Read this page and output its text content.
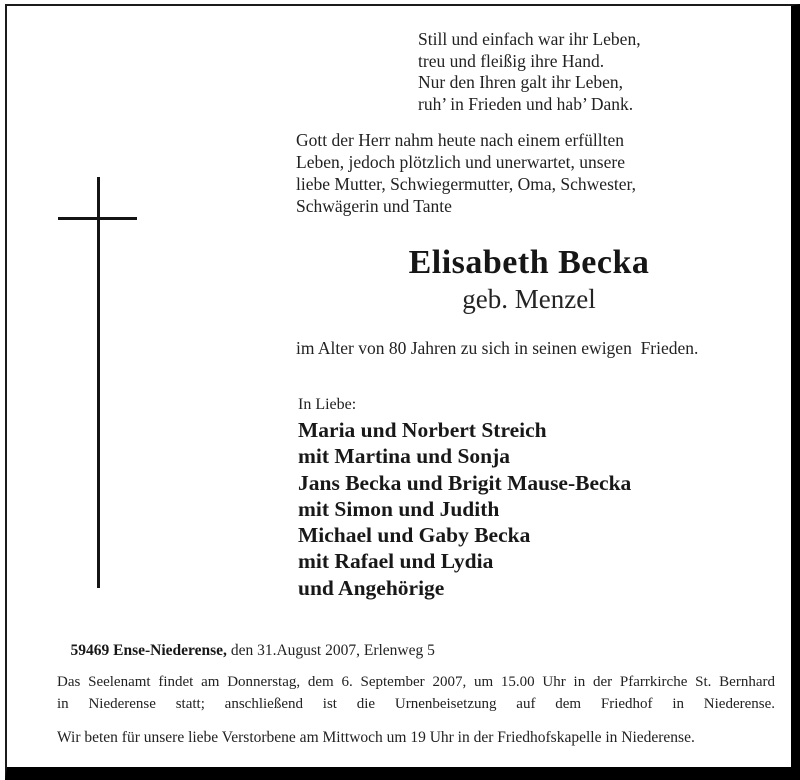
Still und einfach war ihr Leben,
treu und fleißig ihre Hand.
Nur den Ihren galt ihr Leben,
ruh’ in Frieden und hab’ Dank.
Gott der Herr nahm heute nach einem erfüllten
Leben, jedoch plötzlich und unerwartet, unsere
liebe Mutter, Schwiegermutter, Oma, Schwester,
Schwägerin und Tante
Elisabeth Becka
geb. Menzel
im Alter von 80 Jahren zu sich in seinen ewigen  Frieden.
In Liebe:
Maria und Norbert Streich
mit Martina und Sonja
Jans Becka und Brigit Mause-Becka
mit Simon und Judith
Michael und Gaby Becka
mit Rafael und Lydia
und Angehörige

59469 Ense-Niederense, den 31.August 2007, Erlenweg 5

Das Seelenamt findet am Donnerstag, dem 6. September 2007, um 15.00 Uhr in der Pfarrkirche St. Bernhard
in Niederense statt; anschließend ist die Urnenbeisetzung auf dem Friedhof in Niederense.
Wir beten für unsere liebe Verstorbene am Mittwoch um 19 Uhr in der Friedhofskapelle in Niederense.
